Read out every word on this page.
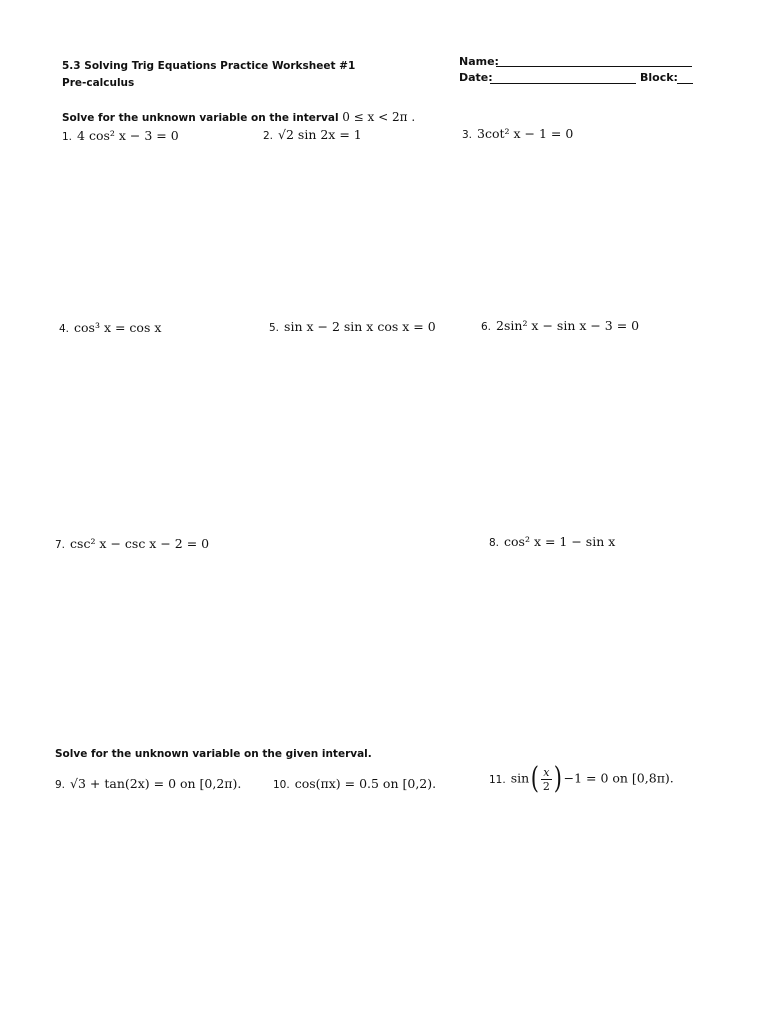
5.3 Solving Trig Equations Practice Worksheet #1
Pre-calculus
Name:
Date:	Block:
Solve for the unknown variable on the interval 0 ≤ x < 2π .
1. 4 cos² x − 3 = 0	2. √2 sin 2x = 1	3. 3cot² x − 1 = 0
4. cos³ x = cos x	5. sin x − 2 sin x cos x = 0	6. 2sin² x − sin x − 3 = 0
7. csc² x − csc x − 2 = 0	8. cos² x = 1 − sin x
Solve for the unknown variable on the given interval.
9. √3 + tan(2x) = 0 on [0,2π).	10. cos(πx) = 0.5 on [0,2).	11. $\sin( \frac{x}{2}$ ) −1 = 0 on [0,8π).
